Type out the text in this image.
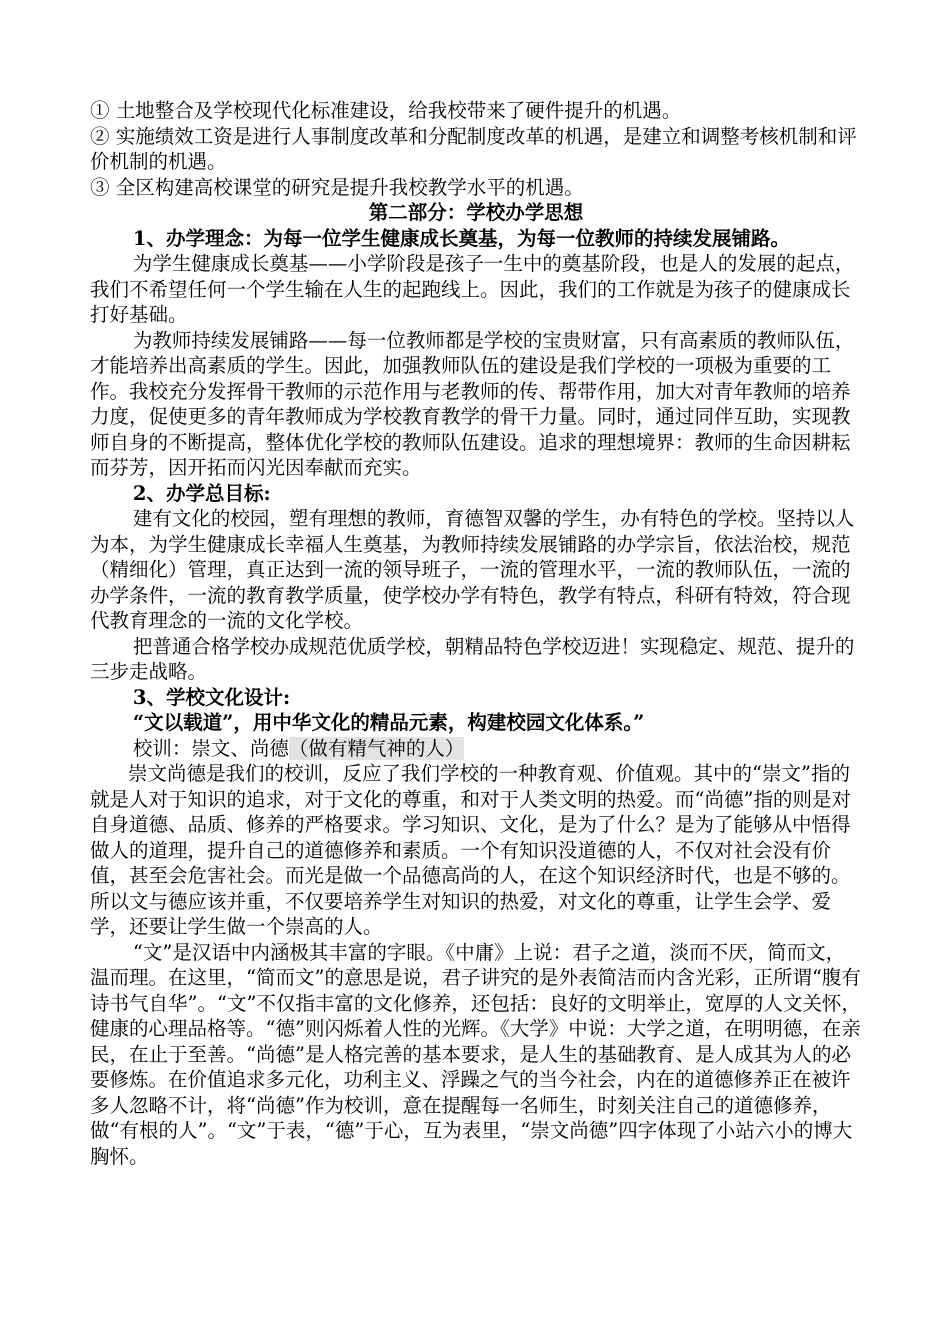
① 土地整合及学校现代化标准建设，给我校带来了硬件提升的机遇。

② 实施绩效工资是进行人事制度改革和分配制度改革的机遇，是建立和调整考核机制和评价机制的机遇。

③ 全区构建高校课堂的研究是提升我校教学水平的机遇。

第二部分：学校办学思想

1、办学理念：为每一位学生健康成长奠基，为每一位教师的持续发展铺路。

为学生健康成长奠基——小学阶段是孩子一生中的奠基阶段，也是人的发展的起点，我们不希望任何一个学生输在人生的起跑线上。因此，我们的工作就是为孩子的健康成长打好基础。

为教师持续发展铺路——每一位教师都是学校的宝贵财富，只有高素质的教师队伍，才能培养出高素质的学生。因此，加强教师队伍的建设是我们学校的一项极为重要的工作。我校充分发挥骨干教师的示范作用与老教师的传、帮带作用，加大对青年教师的培养力度，促使更多的青年教师成为学校教育教学的骨干力量。同时，通过同伴互助，实现教师自身的不断提高，整体优化学校的教师队伍建设。追求的理想境界：教师的生命因耕耘而芬芳，因开拓而闪光因奉献而充实。

2、办学总目标:

建有文化的校园，塑有理想的教师，育德智双馨的学生，办有特色的学校。坚持以人为本，为学生健康成长幸福人生奠基，为教师持续发展铺路的办学宗旨，依法治校，规范（精细化）管理，真正达到一流的领导班子，一流的管理水平，一流的教师队伍，一流的办学条件，一流的教育教学质量，使学校办学有特色，教学有特点，科研有特效，符合现代教育理念的一流的文化学校。

把普通合格学校办成规范优质学校，朝精品特色学校迈进！实现稳定、规范、提升的三步走战略。

3、学校文化设计:

“文以载道”，用中华文化的精品元素，构建校园文化体系。”

校训：崇文、尚德（做有精气神的人）

崇文尚德是我们的校训，反应了我们学校的一种教育观、价值观。其中的“崇文”指的就是人对于知识的追求，对于文化的尊重，和对于人类文明的热爱。而“尚德”指的则是对自身道德、品质、修养的严格要求。学习知识、文化，是为了什么？是为了能够从中悟得做人的道理，提升自己的道德修养和素质。一个有知识没道德的人，不仅对社会没有价值，甚至会危害社会。而光是做一个品德高尚的人，在这个知识经济时代，也是不够的。所以文与德应该并重，不仅要培养学生对知识的热爱，对文化的尊重，让学生会学、爱学，还要让学生做一个崇高的人。

“文”是汉语中内涵极其丰富的字眼。《中庸》上说：君子之道，淡而不厌，简而文，温而理。在这里，“简而文”的意思是说，君子讲究的是外表简洁而内含光彩，正所谓“腹有诗书气自华”。“文”不仅指丰富的文化修养，还包括：良好的文明举止，宽厚的人文关怀，健康的心理品格等。“德”则闪烁着人性的光辉。《大学》中说：大学之道，在明明德，在亲民，在止于至善。“尚德”是人格完善的基本要求，是人生的基础教育、是人成其为人的必要修炼。在价值追求多元化，功利主义、浮躁之气的当今社会，内在的道德修养正在被许多人忽略不计，将“尚德”作为校训，意在提醒每一名师生，时刻关注自己的道德修养，做“有根的人”。“文”于表，“德”于心，互为表里，“崇文尚德”四字体现了小站六小的博大胸怀。
